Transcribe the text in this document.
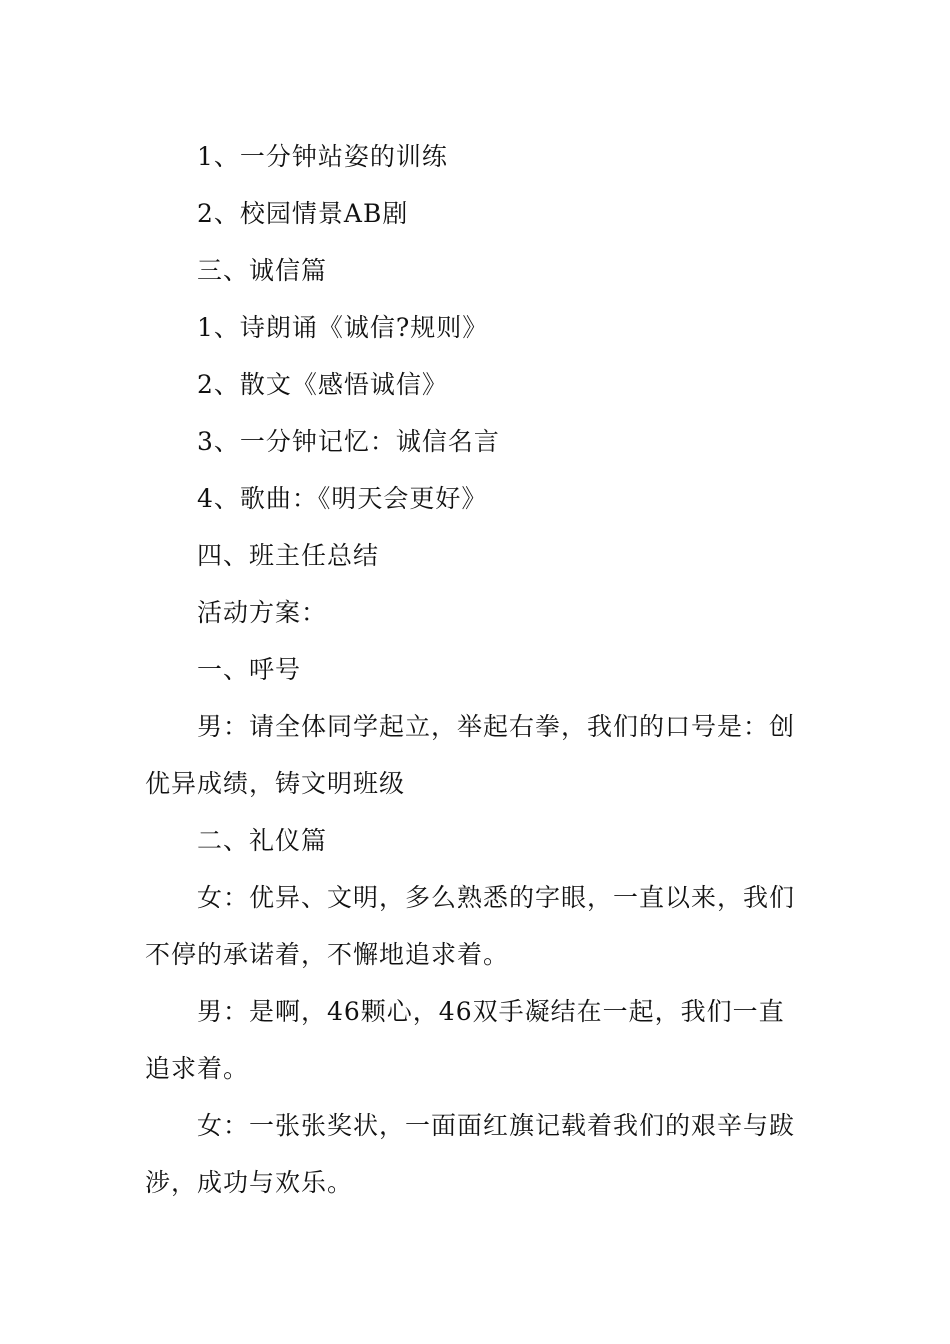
1、一分钟站姿的训练

2、校园情景AB剧

三、诚信篇

1、诗朗诵《诚信?规则》

2、散文《感悟诚信》

3、一分钟记忆：诚信名言

4、歌曲：《明天会更好》

四、班主任总结

活动方案：

一、呼号

男：请全体同学起立，举起右拳，我们的口号是：创优异成绩，铸文明班级

二、礼仪篇

女：优异、文明，多么熟悉的字眼，一直以来，我们不停的承诺着，不懈地追求着。

男：是啊，46颗心，46双手凝结在一起，我们一直追求着。

女：一张张奖状，一面面红旗记载着我们的艰辛与跋涉，成功与欢乐。
